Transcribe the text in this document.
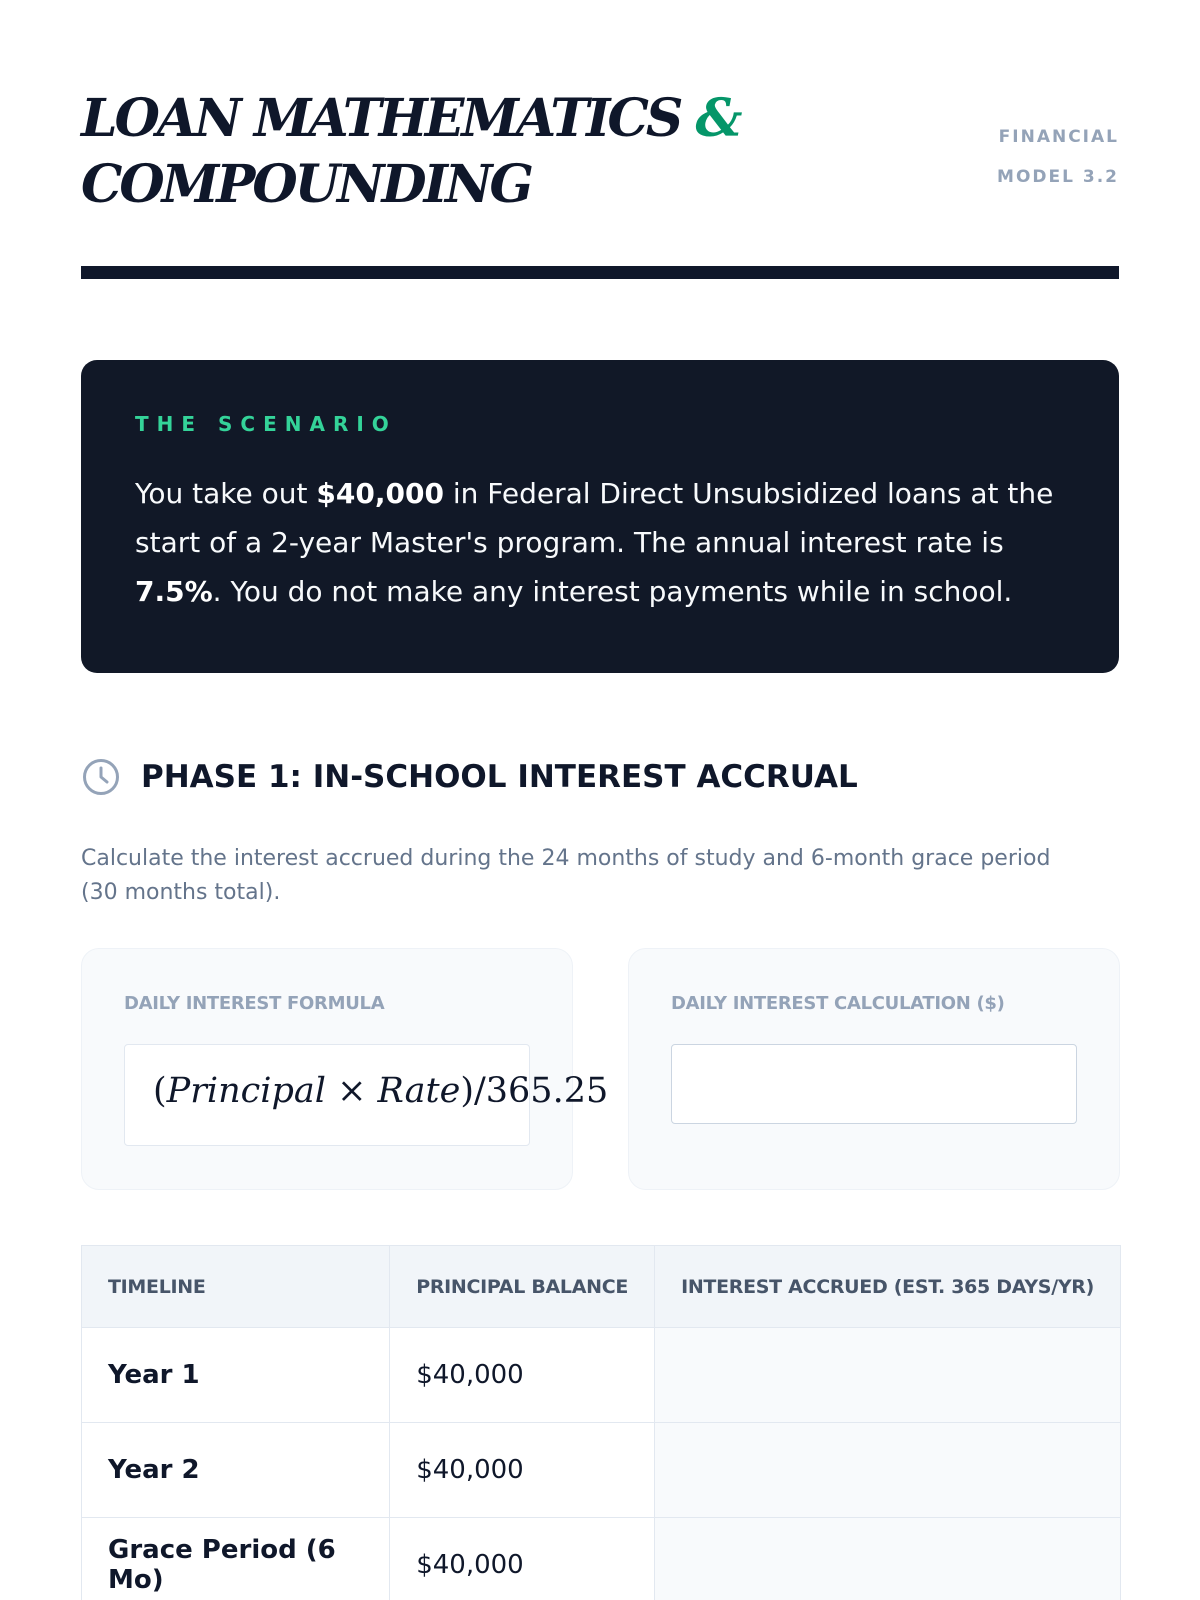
LOAN MATHEMATICS &
COMPOUNDING
FINANCIAL
MODEL 3.2
THE SCENARIO

You take out $40,000 in Federal Direct Unsubsidized loans at the start of a 2-year Master's program. The annual interest rate is 7.5%. You do not make any interest payments while in school.

PHASE 1: IN-SCHOOL INTEREST ACCRUAL

Calculate the interest accrued during the 24 months of study and 6-month grace period (30 months total).

DAILY INTEREST FORMULA
(Principal × Rate)/365.25
DAILY INTEREST CALCULATION ($)
TIMELINE	PRINCIPAL BALANCE	INTEREST ACCRUED (EST. 365 DAYS/YR)
Year 1	$40,000	
Year 2	$40,000	
Grace Period (6 Mo)	$40,000	
